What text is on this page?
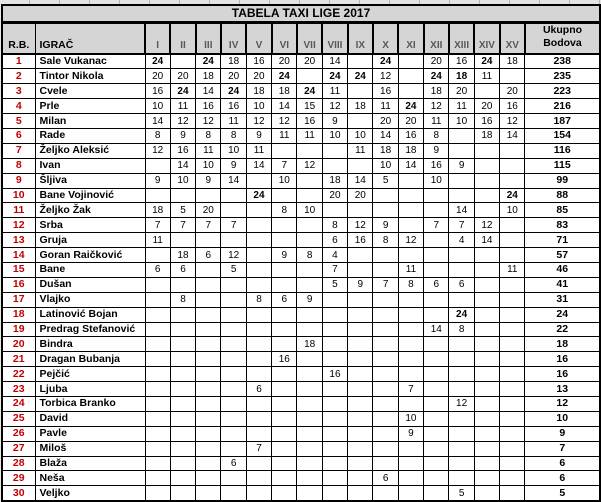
TABELA TAXI LIGE 2017																	
R.B.	IGRAČ	I	II	III	IV	V	VI	VII	VIII	IX	X	XI	XII	XIII	XIV	XV	Ukupno
Bodova

1	Sale Vukanac	24		24	18	16	20	20	14		24		20	16	24	18	238
2	Tintor Nikola	20	20	18	20	20	24		24	24	12		24	18	11		235
3	Cvele	16	24	14	24	18	18	24	11		16		18	20		20	223
4	Prle	10	11	16	16	10	14	15	12	18	11	24	12	11	20	16	216
5	Milan	14	12	12	11	12	12	16	9		20	20	11	10	16	12	187
6	Rade	8	9	8	8	9	11	11	10	10	14	16	8		18	14	154
7	Željko Aleksić	12	16	11	10	11				11	18	18	9				116
8	Ivan		14	10	9	14	7	12			10	14	16	9			115
9	Šljiva	9	10	9	14		10		18	14	5		10				99
10	Bane Vojinović					24			20	20						24	88
11	Željko Žak	18	5	20			8	10						14		10	85
12	Srba	7	7	7	7				8	12	9		7	7	12		83
13	Gruja	11							6	16	8	12		4	14		71
14	Goran Raičković		18	6	12		9	8	4								57
15	Bane	6	6		5				7			11				11	46
16	Dušan								5	9	7	8	6	6			41
17	Vlajko		8			8	6	9									31
18	Latinović Bojan													24			24
19	Predrag Stefanović												14	8			22
20	Bindra							18									18
21	Dragan Bubanja						16										16
22	Pejčić								16								16
23	Ljuba					6						7					13
24	Torbica Branko													12			12
25	David											10					10
26	Pavle											9					9
27	Miloš					7											7
28	Blaža				6												6
29	Neša										6						6
30	Veljko													5			5
